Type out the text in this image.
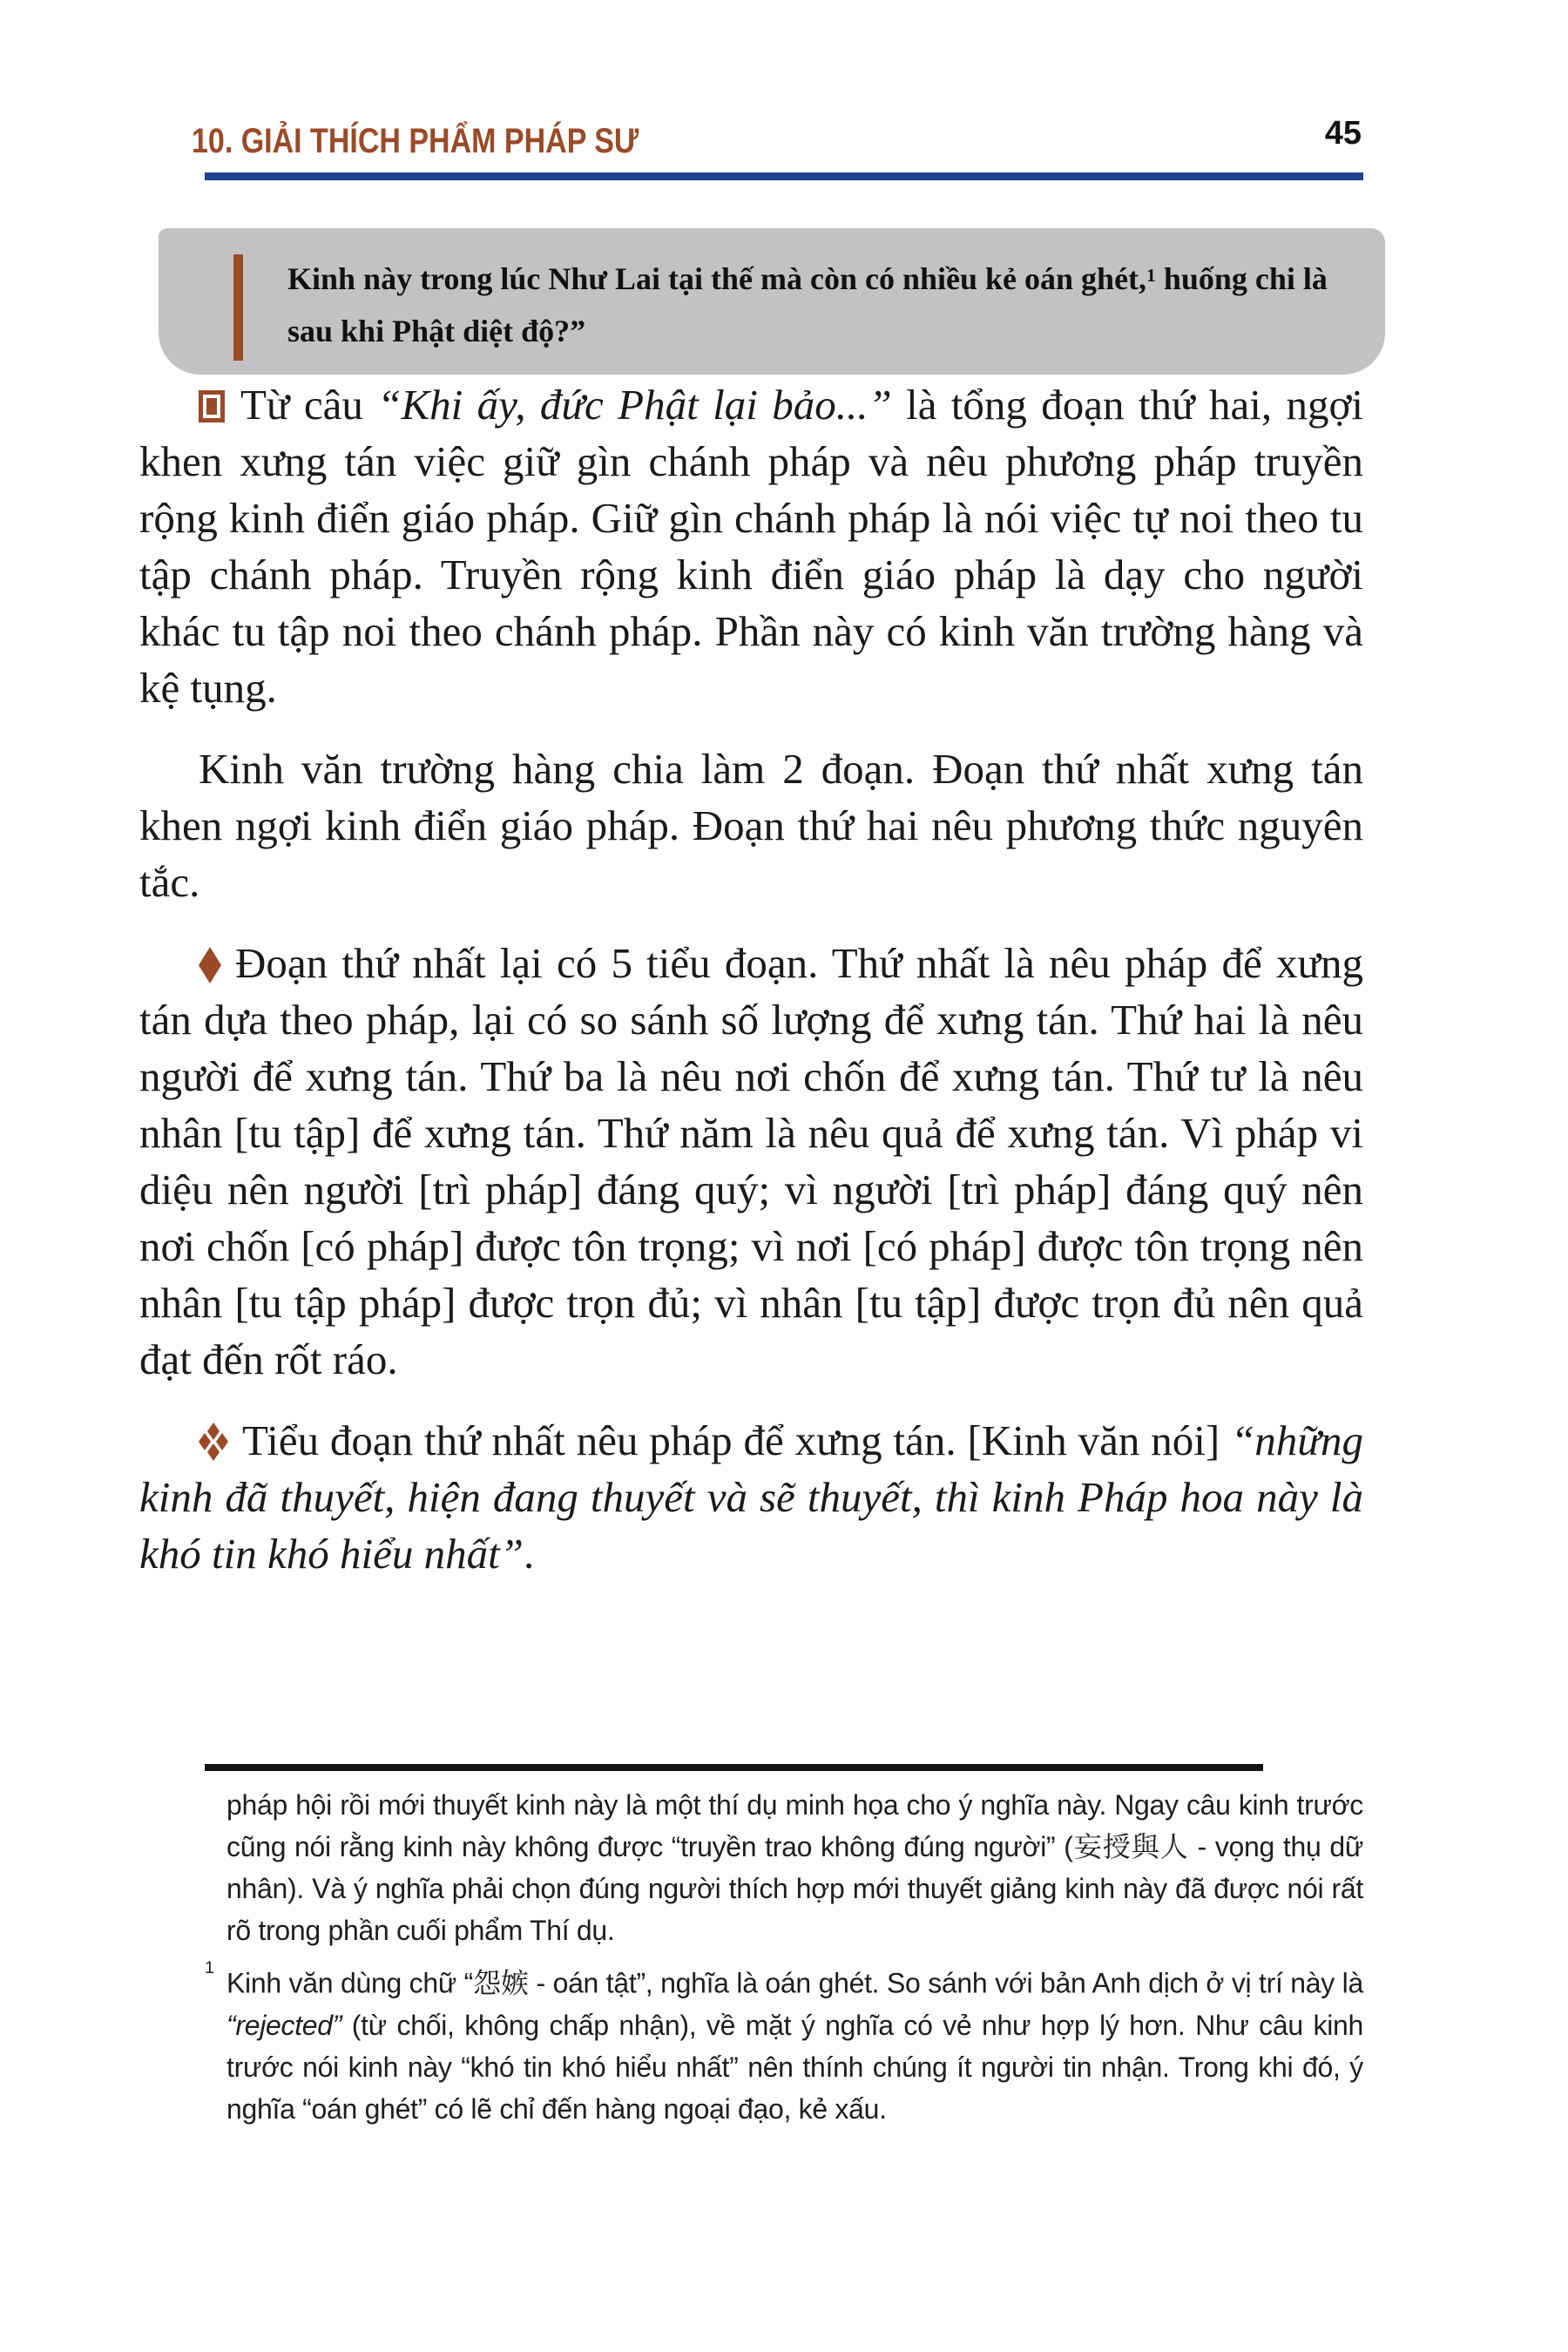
10. GIẢI THÍCH PHẨM PHÁP SƯ	45
Kinh này trong lúc Như Lai tại thế mà còn có nhiều kẻ oán ghét,$^1$ huống chi là sau khi Phật diệt độ?”

Từ câu “Khi ấy, đức Phật lại bảo...” là tổng đoạn thứ hai, ngợi khen xưng tán việc giữ gìn chánh pháp và nêu phương pháp truyền rộng kinh điển giáo pháp. Giữ gìn chánh pháp là nói việc tự noi theo tu tập chánh pháp. Truyền rộng kinh điển giáo pháp là dạy cho người khác tu tập noi theo chánh pháp. Phần này có kinh văn trường hàng và kệ tụng.

Kinh văn trường hàng chia làm 2 đoạn. Đoạn thứ nhất xưng tán khen ngợi kinh điển giáo pháp. Đoạn thứ hai nêu phương thức nguyên tắc.

Đoạn thứ nhất lại có 5 tiểu đoạn. Thứ nhất là nêu pháp để xưng tán dựa theo pháp, lại có so sánh số lượng để xưng tán. Thứ hai là nêu người để xưng tán. Thứ ba là nêu nơi chốn để xưng tán. Thứ tư là nêu nhân [tu tập] để xưng tán. Thứ năm là nêu quả để xưng tán. Vì pháp vi diệu nên người [trì pháp] đáng quý; vì người [trì pháp] đáng quý nên nơi chốn [có pháp] được tôn trọng; vì nơi [có pháp] được tôn trọng nên nhân [tu tập pháp] được trọn đủ; vì nhân [tu tập] được trọn đủ nên quả đạt đến rốt ráo.

Tiểu đoạn thứ nhất nêu pháp để xưng tán. [Kinh văn nói] “những kinh đã thuyết, hiện đang thuyết và sẽ thuyết, thì kinh Pháp hoa này là khó tin khó hiểu nhất”.

pháp hội rồi mới thuyết kinh này là một thí dụ minh họa cho ý nghĩa này. Ngay câu kinh trước cũng nói rằng kinh này không được “truyền trao không đúng người” (妄授與人 - vọng thụ dữ nhân). Và ý nghĩa phải chọn đúng người thích hợp mới thuyết giảng kinh này đã được nói rất rõ trong phần cuối phẩm Thí dụ.

$^1$ Kinh văn dùng chữ “怨嫉 - oán tật”, nghĩa là oán ghét. So sánh với bản Anh dịch ở vị trí này là “rejected” (từ chối, không chấp nhận), về mặt ý nghĩa có vẻ như hợp lý hơn. Như câu kinh trước nói kinh này “khó tin khó hiểu nhất” nên thính chúng ít người tin nhận. Trong khi đó, ý nghĩa “oán ghét” có lẽ chỉ đến hàng ngoại đạo, kẻ xấu.
